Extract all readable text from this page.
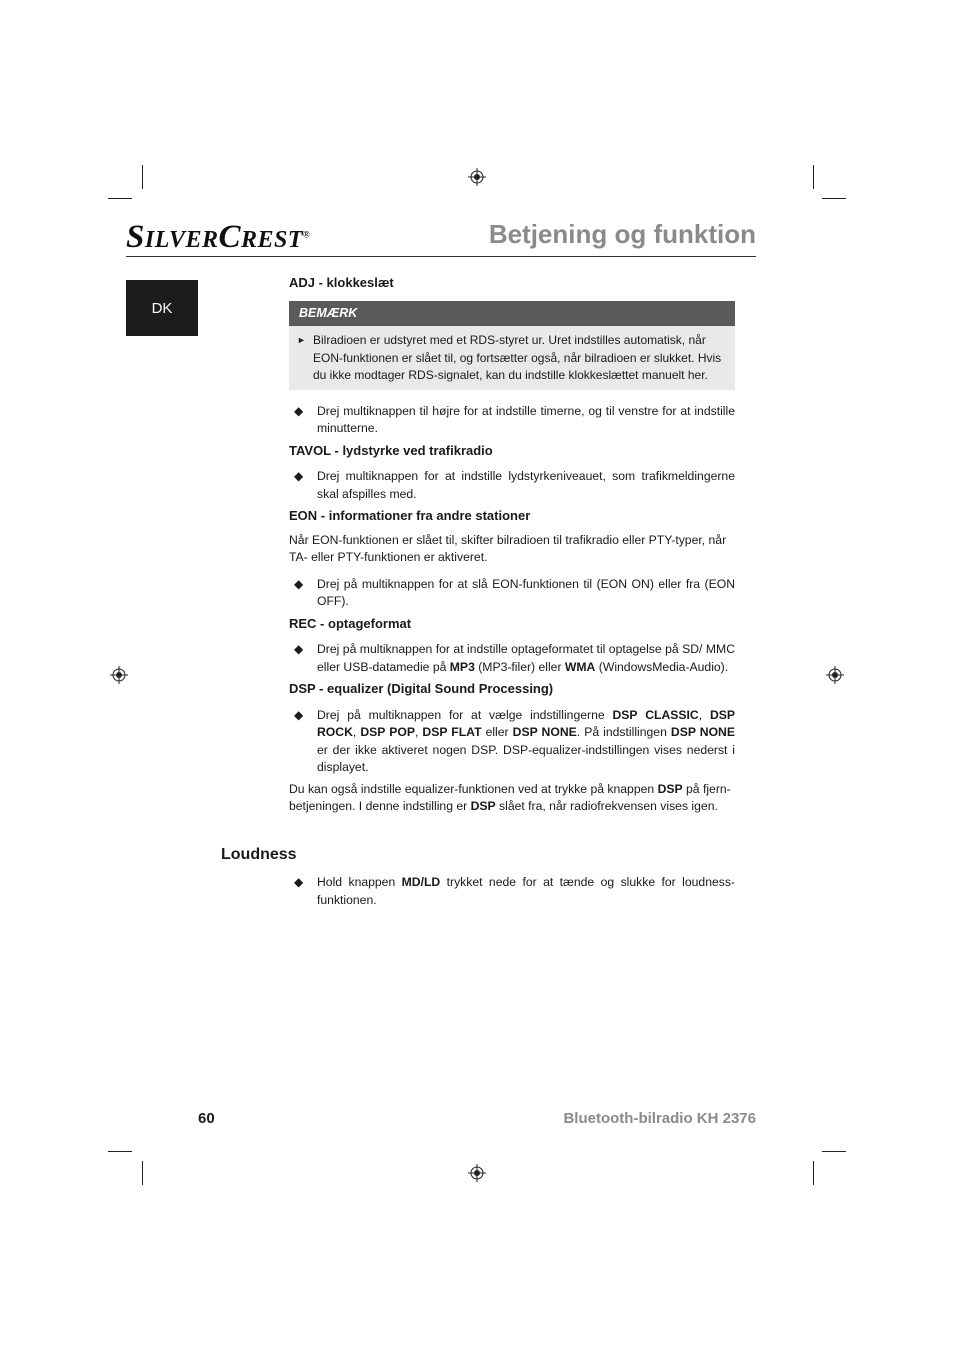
SILVERCREST®	Betjening og funktion
DK

ADJ - klokkeslæt

BEMÆRK
► Bilradioen er udstyret med et RDS-styret ur. Uret indstilles automatisk, når EON-funktionen er slået til, og fortsætter også, når bilradioen er slukket. Hvis du ikke modtager RDS-signalet, kan du indstille klokkeslættet manuelt her.
◆ Drej multiknappen til højre for at indstille timerne, og til venstre for at indstille minutterne.

TAVOL - lydstyrke ved trafikradio

◆ Drej multiknappen for at indstille lydstyrkeniveauet, som trafikmeldingerne skal afspilles med.

EON - informationer fra andre stationer

Når EON-funktionen er slået til, skifter bilradioen til trafikradio eller PTY-typer, når TA- eller PTY-funktionen er aktiveret.

◆ Drej på multiknappen for at slå EON-funktionen til (EON ON) eller fra (EON OFF).

REC - optageformat

◆ Drej på multiknappen for at indstille optageformatet til optagelse på SD/ MMC eller USB-datamedie på MP3 (MP3-filer) eller WMA (WindowsMedia-Audio).

DSP - equalizer (Digital Sound Processing)

◆ Drej på multiknappen for at vælge indstillingerne DSP CLASSIC, DSP ROCK, DSP POP, DSP FLAT eller DSP NONE. På indstillingen DSP NONE er der ikke aktiveret nogen DSP. DSP-equalizer-indstillingen vises nederst i displayet.

Du kan også indstille equalizer-funktionen ved at trykke på knappen DSP på fjern-betjeningen. I denne indstilling er DSP slået fra, når radiofrekvensen vises igen.

Loudness
◆ Hold knappen MD/LD trykket nede for at tænde og slukke for loudness-funktionen.
60	Bluetooth-bilradio KH 2376
